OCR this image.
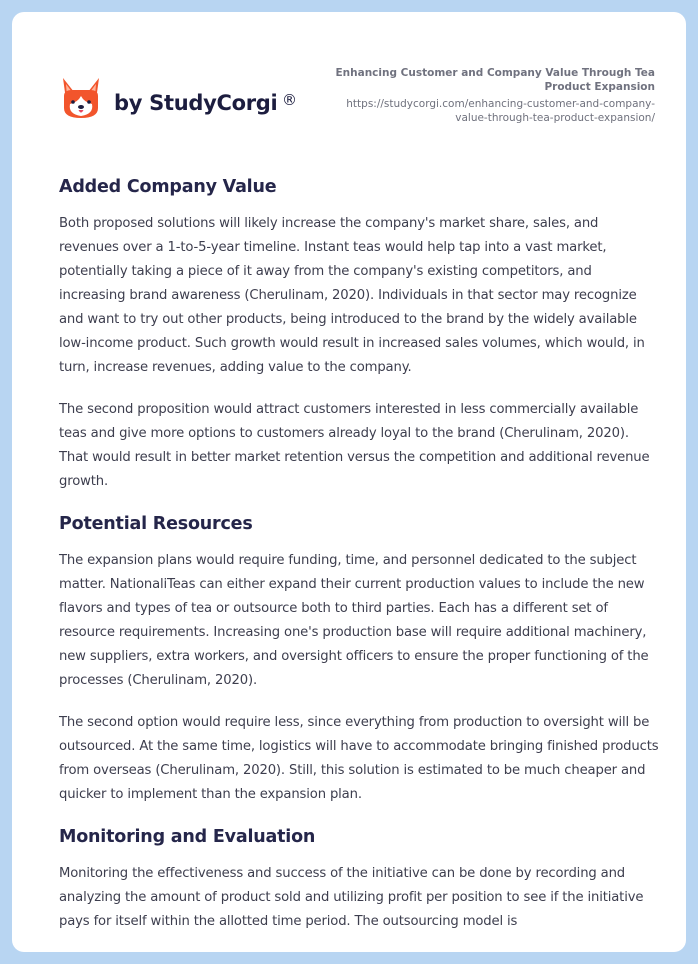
by StudyCorgi ®
Enhancing Customer and Company Value Through Tea Product Expansion
https://studycorgi.com/enhancing-customer-and-company-value-through-tea-product-expansion/
Added Company Value

Both proposed solutions will likely increase the company's market share, sales, and revenues over a 1-to-5-year timeline. Instant teas would help tap into a vast market, potentially taking a piece of it away from the company's existing competitors, and increasing brand awareness (Cherulinam, 2020). Individuals in that sector may recognize and want to try out other products, being introduced to the brand by the widely available low-income product. Such growth would result in increased sales volumes, which would, in turn, increase revenues, adding value to the company.

The second proposition would attract customers interested in less commercially available teas and give more options to customers already loyal to the brand (Cherulinam, 2020). That would result in better market retention versus the competition and additional revenue growth.

Potential Resources

The expansion plans would require funding, time, and personnel dedicated to the subject matter. NationaliTeas can either expand their current production values to include the new flavors and types of tea or outsource both to third parties. Each has a different set of resource requirements. Increasing one's production base will require additional machinery, new suppliers, extra workers, and oversight officers to ensure the proper functioning of the processes (Cherulinam, 2020).

The second option would require less, since everything from production to oversight will be outsourced. At the same time, logistics will have to accommodate bringing finished products from overseas (Cherulinam, 2020). Still, this solution is estimated to be much cheaper and quicker to implement than the expansion plan.

Monitoring and Evaluation

Monitoring the effectiveness and success of the initiative can be done by recording and analyzing the amount of product sold and utilizing profit per position to see if the initiative pays for itself within the allotted time period. The outsourcing model is
